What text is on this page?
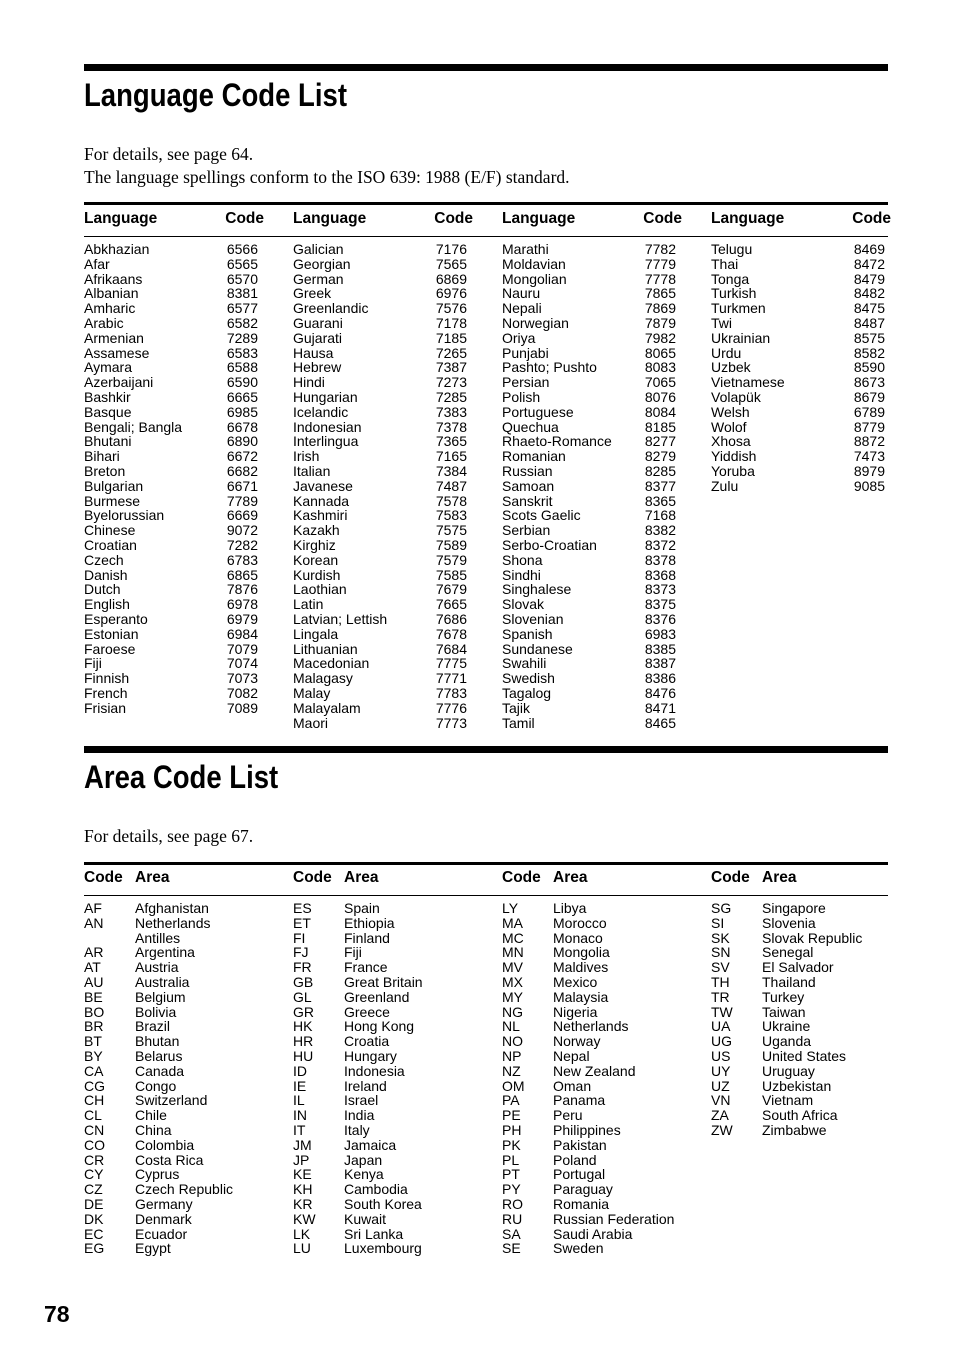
Language Code List

For details, see page 64.

The language spellings conform to the ISO 639: 1988 (E/F) standard.

Language	Code
Abkhazian	6566
Afar	6565
Afrikaans	6570
Albanian	8381
Amharic	6577
Arabic	6582
Armenian	7289
Assamese	6583
Aymara	6588
Azerbaijani	6590
Bashkir	6665
Basque	6985
Bengali; Bangla	6678
Bhutani	6890
Bihari	6672
Breton	6682
Bulgarian	6671
Burmese	7789
Byelorussian	6669
Chinese	9072
Croatian	7282
Czech	6783
Danish	6865
Dutch	7876
English	6978
Esperanto	6979
Estonian	6984
Faroese	7079
Fiji	7074
Finnish	7073
French	7082
Frisian	7089
Language	Code
Galician	7176
Georgian	7565
German	6869
Greek	6976
Greenlandic	7576
Guarani	7178
Gujarati	7185
Hausa	7265
Hebrew	7387
Hindi	7273
Hungarian	7285
Icelandic	7383
Indonesian	7378
Interlingua	7365
Irish	7165
Italian	7384
Javanese	7487
Kannada	7578
Kashmiri	7583
Kazakh	7575
Kirghiz	7589
Korean	7579
Kurdish	7585
Laothian	7679
Latin	7665
Latvian; Lettish	7686
Lingala	7678
Lithuanian	7684
Macedonian	7775
Malagasy	7771
Malay	7783
Malayalam	7776
Maori	7773
Language	Code
Marathi	7782
Moldavian	7779
Mongolian	7778
Nauru	7865
Nepali	7869
Norwegian	7879
Oriya	7982
Punjabi	8065
Pashto; Pushto	8083
Persian	7065
Polish	8076
Portuguese	8084
Quechua	8185
Rhaeto-Romance 8277
Romanian	8279
Russian	8285
Samoan	8377
Sanskrit	8365
Scots Gaelic	7168
Serbian	8382
Serbo-Croatian	8372
Shona	8378
Sindhi	8368
Singhalese	8373
Slovak	8375
Slovenian	8376
Spanish	6983
Sundanese	8385
Swahili	8387
Swedish	8386
Tagalog	8476
Tajik	8471
Tamil	8465
Language	Code
Telugu	8469
Thai	8472
Tonga	8479
Turkish	8482
Turkmen	8475
Twi	8487
Ukrainian	8575
Urdu	8582
Uzbek	8590
Vietnamese	8673
Volapük	8679
Welsh	6789
Wolof	8779
Xhosa	8872
Yiddish	7473
Yoruba	8979
Zulu	9085
Area Code List

For details, see page 67.

Code Area
AF Afghanistan
AN Netherlands
Antilles
AR Argentina
AT Austria
AU Australia
BE Belgium
BO Bolivia
BR Brazil
BT Bhutan
BY Belarus
CA Canada
CG Congo
CH Switzerland
CL Chile
CN China
CO Colombia
CR Costa Rica
CY Cyprus
CZ Czech Republic
DE Germany
DK Denmark
EC Ecuador
EG Egypt
Code Area
ES Spain
ET Ethiopia
FI	Finland
FJ	Fiji
FR France
GB Great Britain
GL Greenland
GR Greece
HK Hong Kong
HR Croatia
HU Hungary
ID	Indonesia
IE	Ireland
IL	Israel
IN	India
IT	Italy
JM Jamaica
JP Japan
KE Kenya
KH Cambodia
KR South Korea
KW Kuwait
LK Sri Lanka
LU Luxembourg
Code Area
LY Libya
MA Morocco
MC Monaco
MN Mongolia
MV Maldives
MX Mexico
MY Malaysia
NG Nigeria
NL Netherlands
NO Norway
NP Nepal
NZ New Zealand
OM Oman
PA Panama
PE Peru
PH Philippines
PK Pakistan
PL Poland
PT Portugal
PY Paraguay
RO Romania
RU Russian Federation
SA Saudi Arabia
SE Sweden
Code Area
SG Singapore
SI	Slovenia
SK Slovak Republic
SN Senegal
SV El Salvador
TH Thailand
TR Turkey
TW Taiwan
UA Ukraine
UG Uganda
US United States
UY Uruguay
UZ Uzbekistan
VN Vietnam
ZA South Africa
ZW Zimbabwe
78
